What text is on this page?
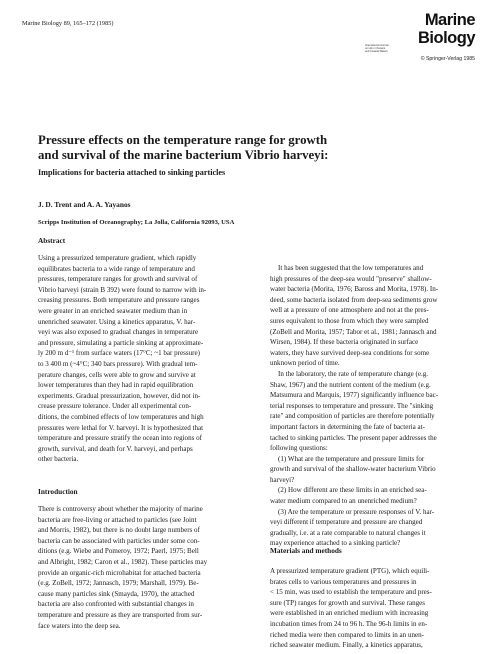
Marine Biology 89, 165–172 (1985)	Marine
Biology
International Journal
on Life in Oceans
and Coastal Waters
© Springer-Verlag 1985
Pressure effects on the temperature range for growth
and survival of the marine bacterium Vibrio harveyi:
Implications for bacteria attached to sinking particles
J. D. Trent and A. A. Yayanos
Scripps Institution of Oceanography; La Jolla, California 92093, USA

Abstract

Using a pressurized temperature gradient, which rapidly

equilibrates bacteria to a wide range of temperature and

pressures, temperature ranges for growth and survival of

Vibrio harveyi (strain B 392) were found to narrow with in-

creasing pressures. Both temperature and pressure ranges

were greater in an enriched seawater medium than in

unenriched seawater. Using a kinetics apparatus, V. har-

veyi was also exposed to gradual changes in temperature

and pressure, simulating a particle sinking at approximate-

ly 200 m d⁻¹ from surface waters (17°C; ~1 bar pressure)

to 3 400 m (~4°C; 340 bars pressure). With gradual tem-

perature changes, cells were able to grow and survive at

lower temperatures than they had in rapid equilibration

experiments. Gradual pressurization, however, did not in-

crease pressure tolerance. Under all experimental con-

ditions, the combined effects of low temperatures and high

pressures were lethal for V. harveyi. It is hypothesized that

temperature and pressure stratify the ocean into regions of

growth, survival, and death for V. harveyi, and perhaps

other bacteria.

Introduction

There is controversy about whether the majority of marine

bacteria are free-living or attached to particles (see Joint

and Morris, 1982), but there is no doubt large numbers of

bacteria can be associated with particles under some con-

ditions (e.g. Wiebe and Pomeroy, 1972; Paerl, 1975; Bell

and Albright, 1982; Caron et al., 1982). These particles may

provide an organic-rich microhabitat for attached bacteria

(e.g. ZoBell, 1972; Jannasch, 1979; Marshall, 1979). Be-

cause many particles sink (Smayda, 1970), the attached

bacteria are also confronted with substantial changes in

temperature and pressure as they are transported from sur-

face waters into the deep sea.

It has been suggested that the low temperatures and

high pressures of the deep-sea would "preserve" shallow-

water bacteria (Morita, 1976; Baross and Morita, 1978). In-

deed, some bacteria isolated from deep-sea sediments grow

well at a pressure of one atmosphere and not at the pres-

sures equivalent to those from which they were sampled

(ZoBell and Morita, 1957; Tabor et al., 1981; Jannasch and

Wirsen, 1984). If these bacteria originated in surface

waters, they have survived deep-sea conditions for some

unknown period of time.

In the laboratory, the rate of temperature change (e.g.

Shaw, 1967) and the nutrient content of the medium (e.g.

Matsumura and Marquis, 1977) significantly influence bac-

terial responses to temperature and pressure. The "sinking

rate" and composition of particles are therefore potentially

important factors in determining the fate of bacteria at-

tached to sinking particles. The present paper addresses the

following questions:

(1) What are the temperature and pressure limits for

growth and survival of the shallow-water bacterium Vibrio

harveyi?

(2) How different are these limits in an enriched sea-

water medium compared to an unenriched medium?

(3) Are the temperature or pressure responses of V. har-

veyi different if temperature and pressure are changed

gradually, i.e. at a rate comparable to natural changes it

may experience attached to a sinking particle?

Materials and methods

A pressurized temperature gradient (PTG), which equili-

brates cells to various temperatures and pressures in

< 15 min, was used to establish the temperature and pres-

sure (TP) ranges for growth and survival. These ranges

were established in an enriched medium with increasing

incubation times from 24 to 96 h. The 96-h limits in en-

riched media were then compared to limits in an unen-

riched seawater medium. Finally, a kinetics apparatus,
